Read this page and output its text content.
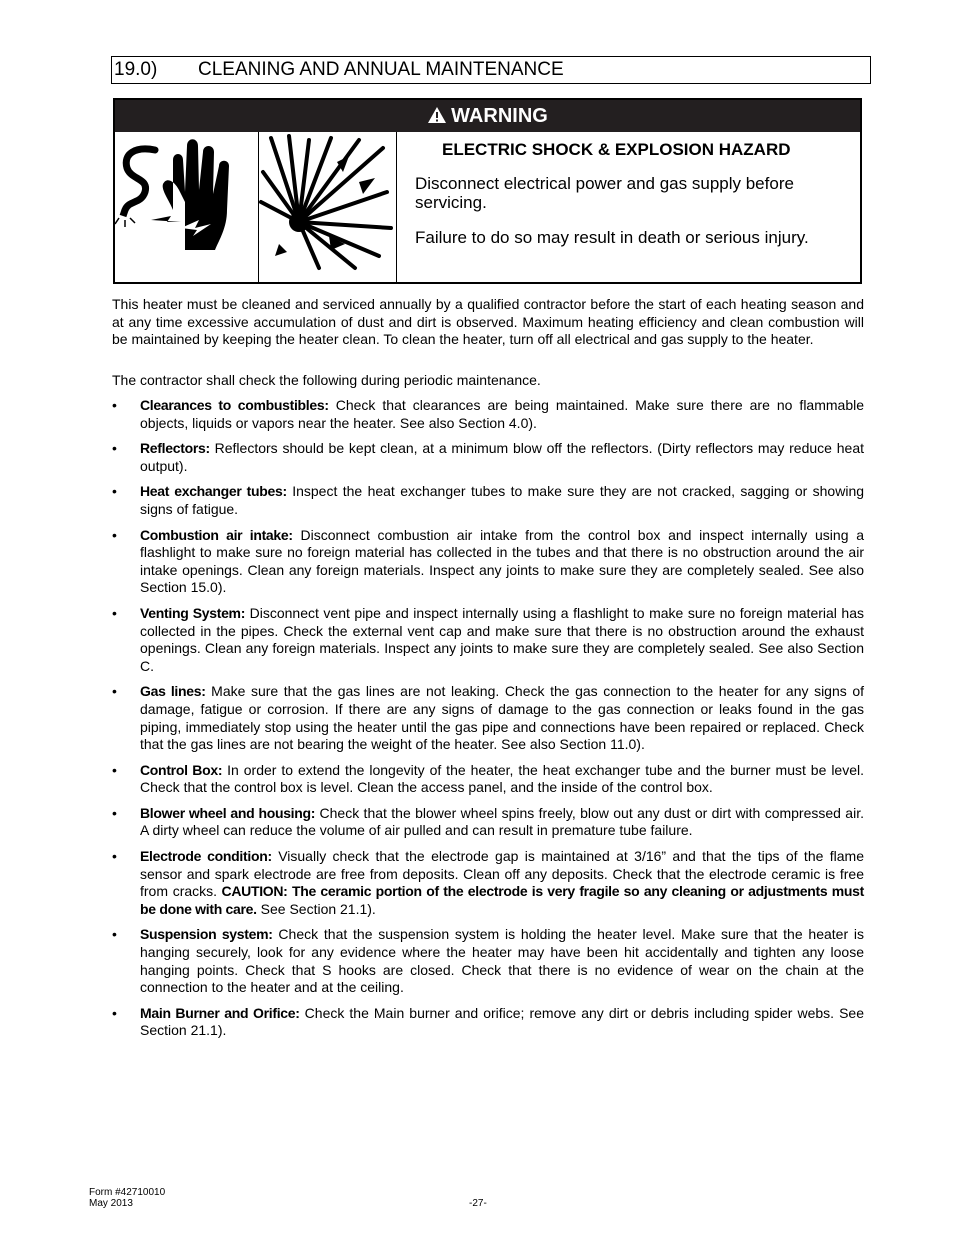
19.0) CLEANING AND ANNUAL MAINTENANCE
WARNING
ELECTRIC SHOCK & EXPLOSION HAZARD
Disconnect electrical power and gas supply before servicing.
Failure to do so may result in death or serious injury.
This heater must be cleaned and serviced annually by a qualified contractor before the start of each heating season and at any time excessive accumulation of dust and dirt is observed. Maximum heating efficiency and clean combustion will be maintained by keeping the heater clean. To clean the heater, turn off all electrical and gas supply to the heater.
The contractor shall check the following during periodic maintenance.
• Clearances to combustibles: Check that clearances are being maintained. Make sure there are no flammable objects, liquids or vapors near the heater. See also Section 4.0).
• Reflectors: Reflectors should be kept clean, at a minimum blow off the reflectors. (Dirty reflectors may reduce heat output).
• Heat exchanger tubes: Inspect the heat exchanger tubes to make sure they are not cracked, sagging or showing signs of fatigue.
• Combustion air intake: Disconnect combustion air intake from the control box and inspect internally using a flashlight to make sure no foreign material has collected in the tubes and that there is no obstruction around the air intake openings. Clean any foreign materials. Inspect any joints to make sure they are completely sealed. See also Section 15.0).
• Venting System: Disconnect vent pipe and inspect internally using a flashlight to make sure no foreign material has collected in the pipes. Check the external vent cap and make sure that there is no obstruction around the exhaust openings. Clean any foreign materials. Inspect any joints to make sure they are completely sealed. See also Section C.
• Gas lines: Make sure that the gas lines are not leaking. Check the gas connection to the heater for any signs of damage, fatigue or corrosion. If there are any signs of damage to the gas connection or leaks found in the gas piping, immediately stop using the heater until the gas pipe and connections have been repaired or replaced. Check that the gas lines are not bearing the weight of the heater. See also Section 11.0).
• Control Box: In order to extend the longevity of the heater, the heat exchanger tube and the burner must be level. Check that the control box is level. Clean the access panel, and the inside of the control box.
• Blower wheel and housing: Check that the blower wheel spins freely, blow out any dust or dirt with compressed air. A dirty wheel can reduce the volume of air pulled and can result in premature tube failure.
• Electrode condition: Visually check that the electrode gap is maintained at 3/16” and that the tips of the flame sensor and spark electrode are free from deposits. Clean off any deposits. Check that the electrode ceramic is free from cracks. CAUTION: The ceramic portion of the electrode is very fragile so any cleaning or adjustments must be done with care. See Section 21.1).
• Suspension system: Check that the suspension system is holding the heater level. Make sure that the heater is hanging securely, look for any evidence where the heater may have been hit accidentally and tighten any loose hanging points. Check that S hooks are closed. Check that there is no evidence of wear on the chain at the connection to the heater and at the ceiling.
• Main Burner and Orifice: Check the Main burner and orifice; remove any dirt or debris including spider webs. See Section 21.1).
Form #42710010
May 2013	-27-
